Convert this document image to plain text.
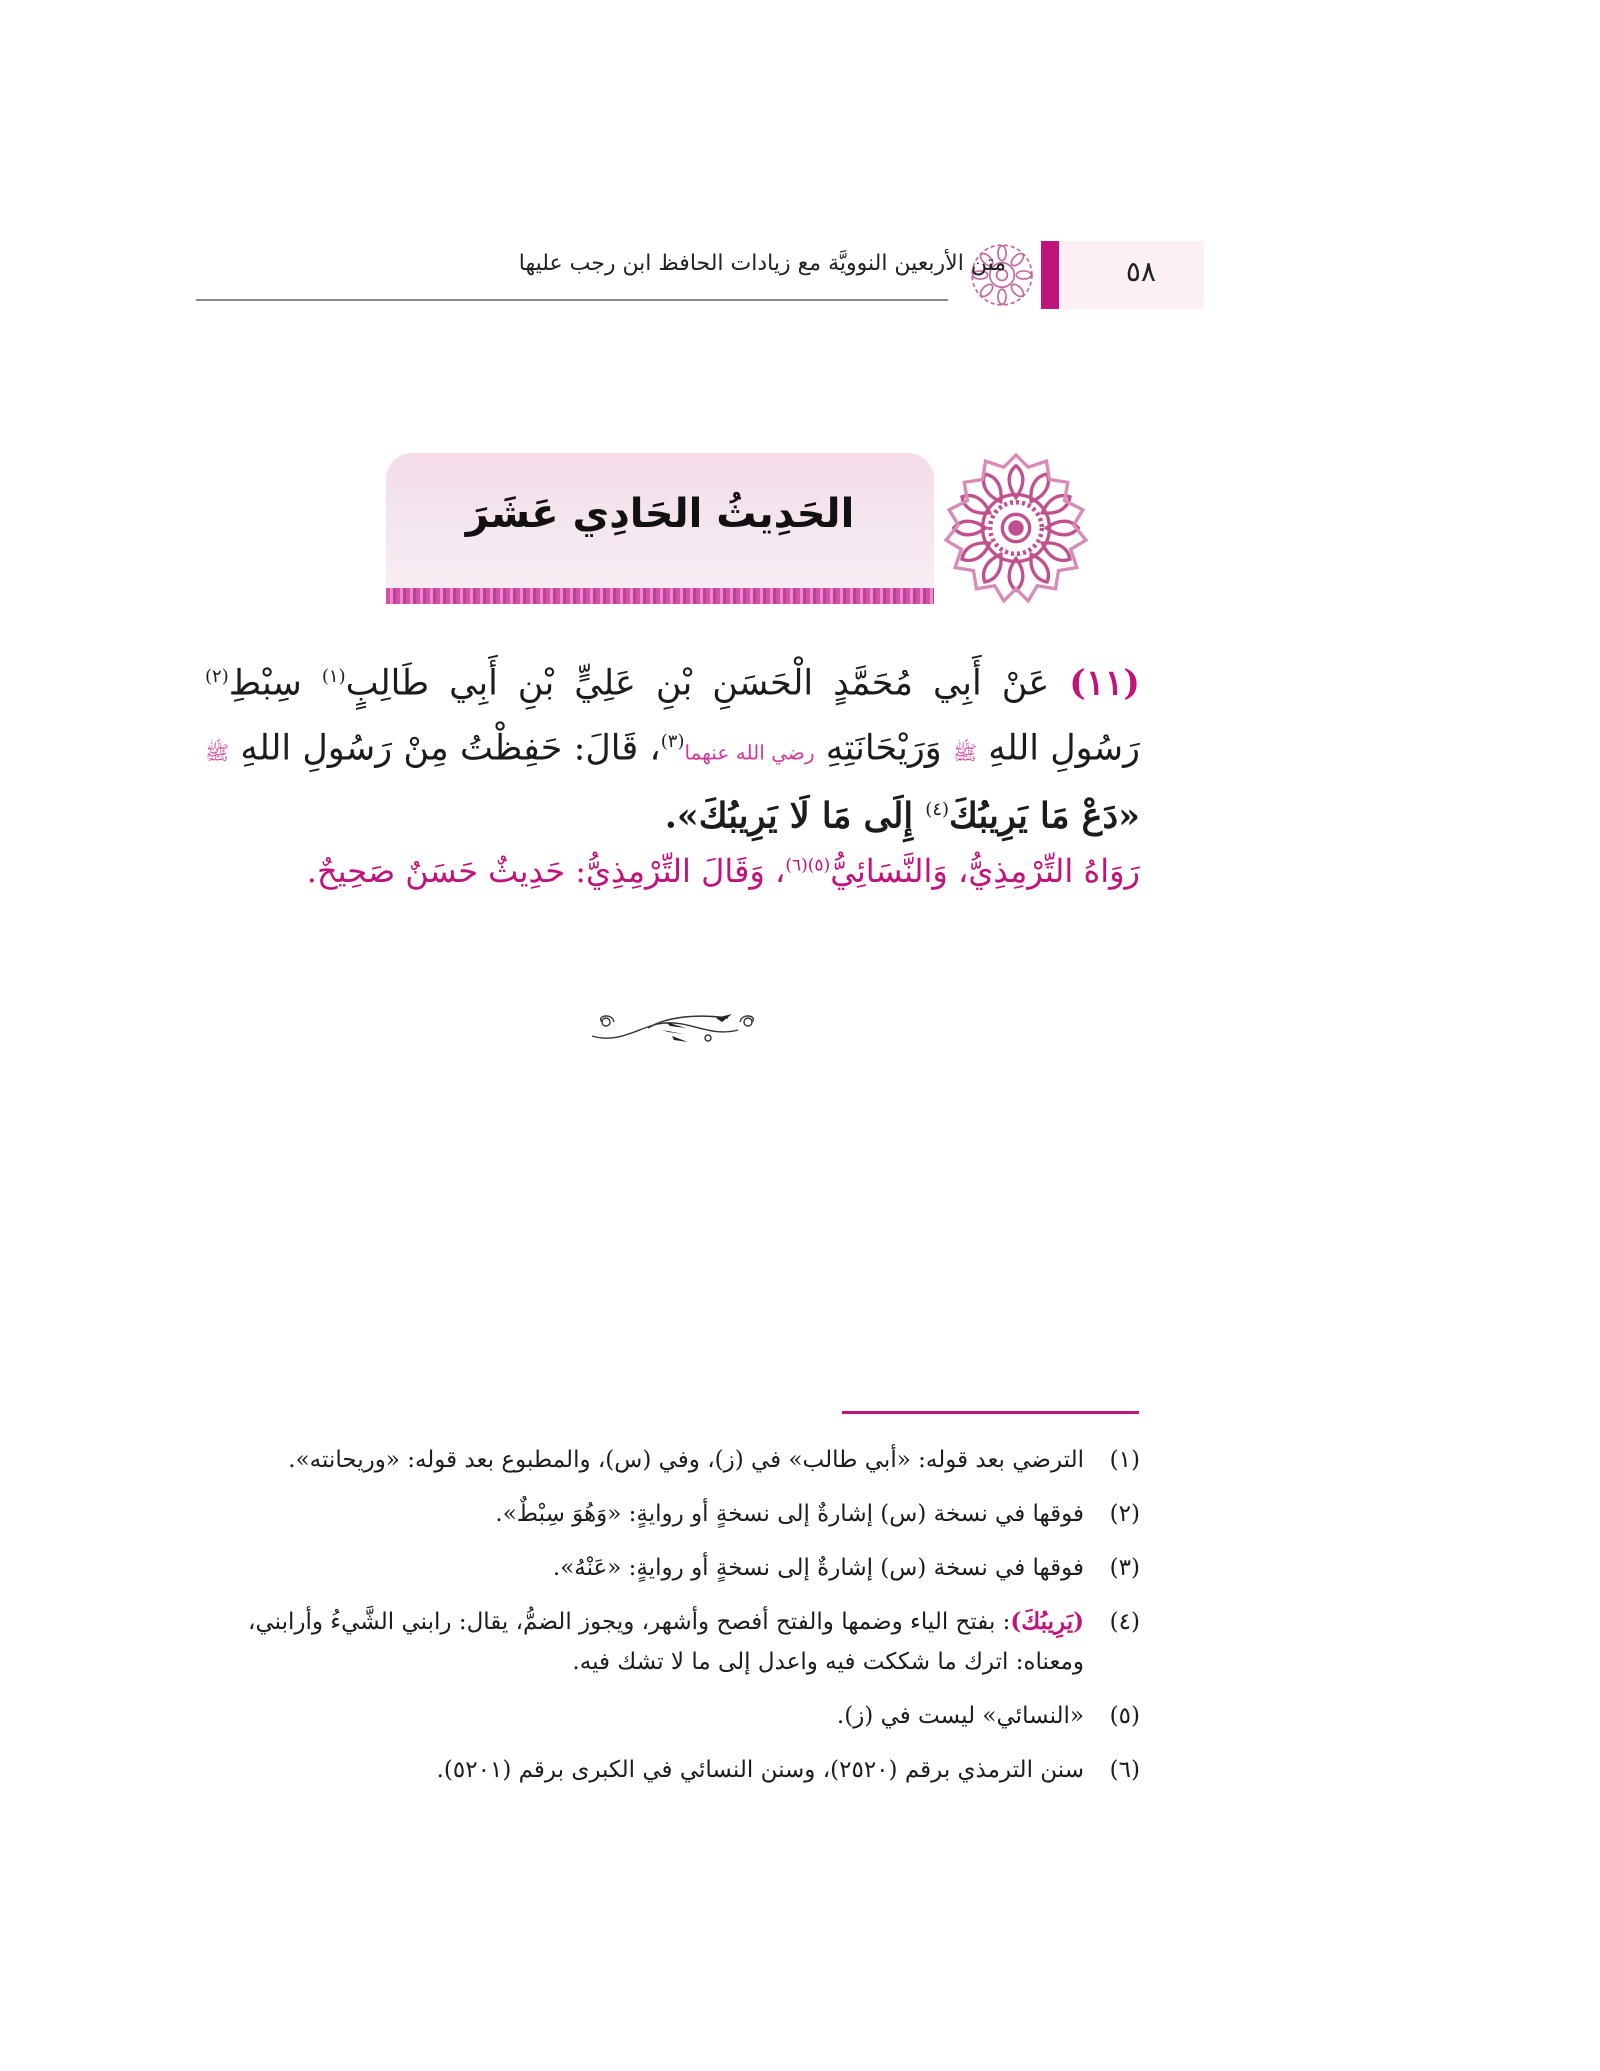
٥٨
متن الأربعين النوويَّة مع زيادات الحافظ ابن رجب عليها
الحَدِيثُ الحَادِي عَشَرَ
(١١) عَنْ أَبِي مُحَمَّدٍ الْحَسَنِ بْنِ عَلِيٍّ بْنِ أَبِي طَالِبٍ$^{(١)}$ سِبْطِ$^{(٢)}$ رَسُولِ اللهِ ﷺ وَرَيْحَانَتِهِ رضي الله عنهما$^{(٣)}$، قَالَ: حَفِظْتُ مِنْ رَسُولِ اللهِ ﷺ «دَعْ مَا يَرِيبُكَ$^{(٤)}$ إِلَى مَا لَا يَرِيبُكَ».
رَوَاهُ التِّرْمِذِيُّ، وَالنَّسَائِيُّ$^{(٥)(٦)}$، وَقَالَ التِّرْمِذِيُّ: حَدِيثٌ حَسَنٌ صَحِيحٌ.
(١)
الترضي بعد قوله: «أبي طالب» في (ز)، وفي (س)، والمطبوع بعد قوله: «وريحانته».
(٢)
فوقها في نسخة (س) إشارةٌ إلى نسخةٍ أو روايةٍ: «وَهُوَ سِبْطٌ».
(٣)
فوقها في نسخة (س) إشارةٌ إلى نسخةٍ أو روايةٍ: «عَنْهُ».
(٤)
(يَرِيبُكَ): بفتح الياء وضمها والفتح أفصح وأشهر، ويجوز الضمُّ، يقال: رابني الشَّيءُ وأرابني، ومعناه: اترك ما شككت فيه واعدل إلى ما لا تشك فيه.
(٥)
«النسائي» ليست في (ز).
(٦)
سنن الترمذي برقم (٢٥٢٠)، وسنن النسائي في الكبرى برقم (٥٢٠١).
